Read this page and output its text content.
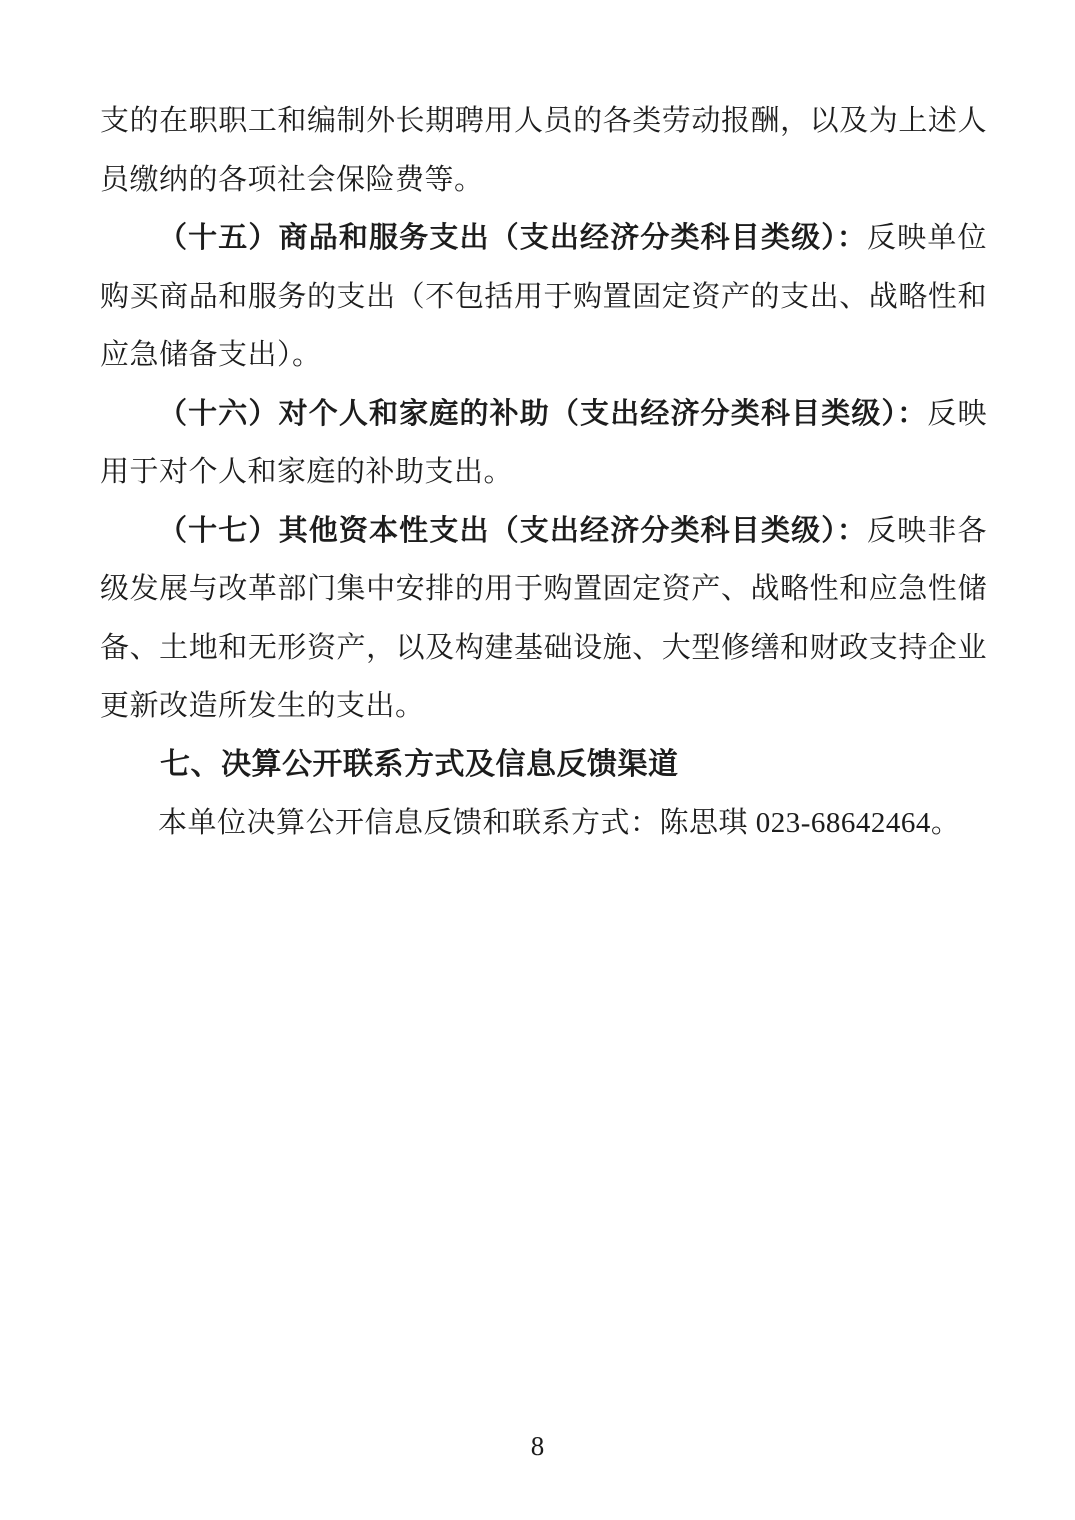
支的在职职工和编制外长期聘用人员的各类劳动报酬，以及为上述人员缴纳的各项社会保险费等。

（十五）商品和服务支出（支出经济分类科目类级）：反映单位购买商品和服务的支出（不包括用于购置固定资产的支出、战略性和应急储备支出）。

（十六）对个人和家庭的补助（支出经济分类科目类级）：反映用于对个人和家庭的补助支出。

（十七）其他资本性支出（支出经济分类科目类级）：反映非各级发展与改革部门集中安排的用于购置固定资产、战略性和应急性储备、土地和无形资产，以及构建基础设施、大型修缮和财政支持企业更新改造所发生的支出。

七、决算公开联系方式及信息反馈渠道

本单位决算公开信息反馈和联系方式：陈思琪 023-68642464。

8
